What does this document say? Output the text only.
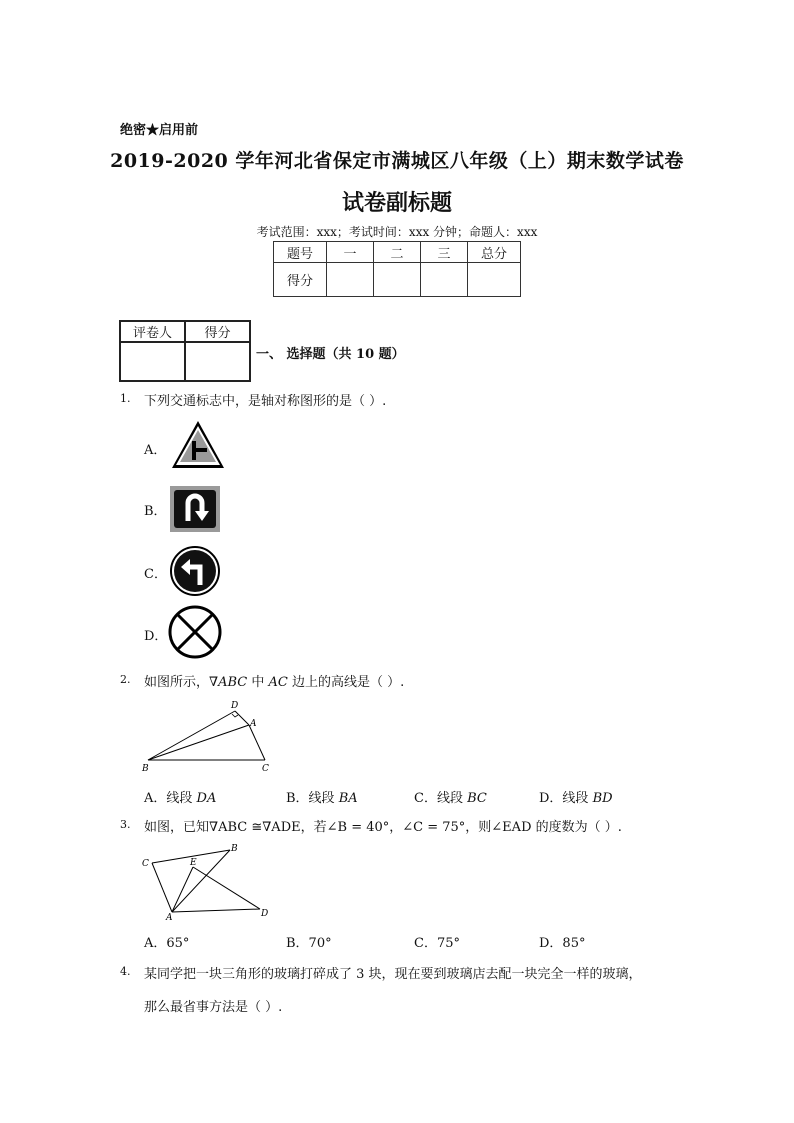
绝密★启用前
2019-2020 学年河北省保定市满城区八年级（上）期末数学试卷
试卷副标题
考试范围：xxx；考试时间：xxx 分钟；命题人：xxx
题号	一	二	三	总分
得分				
评卷人	得分

一、 选择题（共 10 题）
1. 下列交通标志中，是轴对称图形的是（ ）.
A．
B．
C．
D．
2. 如图所示，∇ABC 中 AC 边上的高线是（ ）.
D
A
B	C
A．线段 DA	B．线段 BA	C．线段 BC	D．线段 BD
3. 如图，已知∇ABC ≅∇ADE，若∠B = 40°，∠C = 75°，则∠EAD 的度数为（ ）.
C
B
E
A	D
A．65°	B．70°	C．75°	D．85°
4. 某同学把一块三角形的玻璃打碎成了 3 块，现在要到玻璃店去配一块完全一样的玻璃，
那么最省事方法是（ ）.
